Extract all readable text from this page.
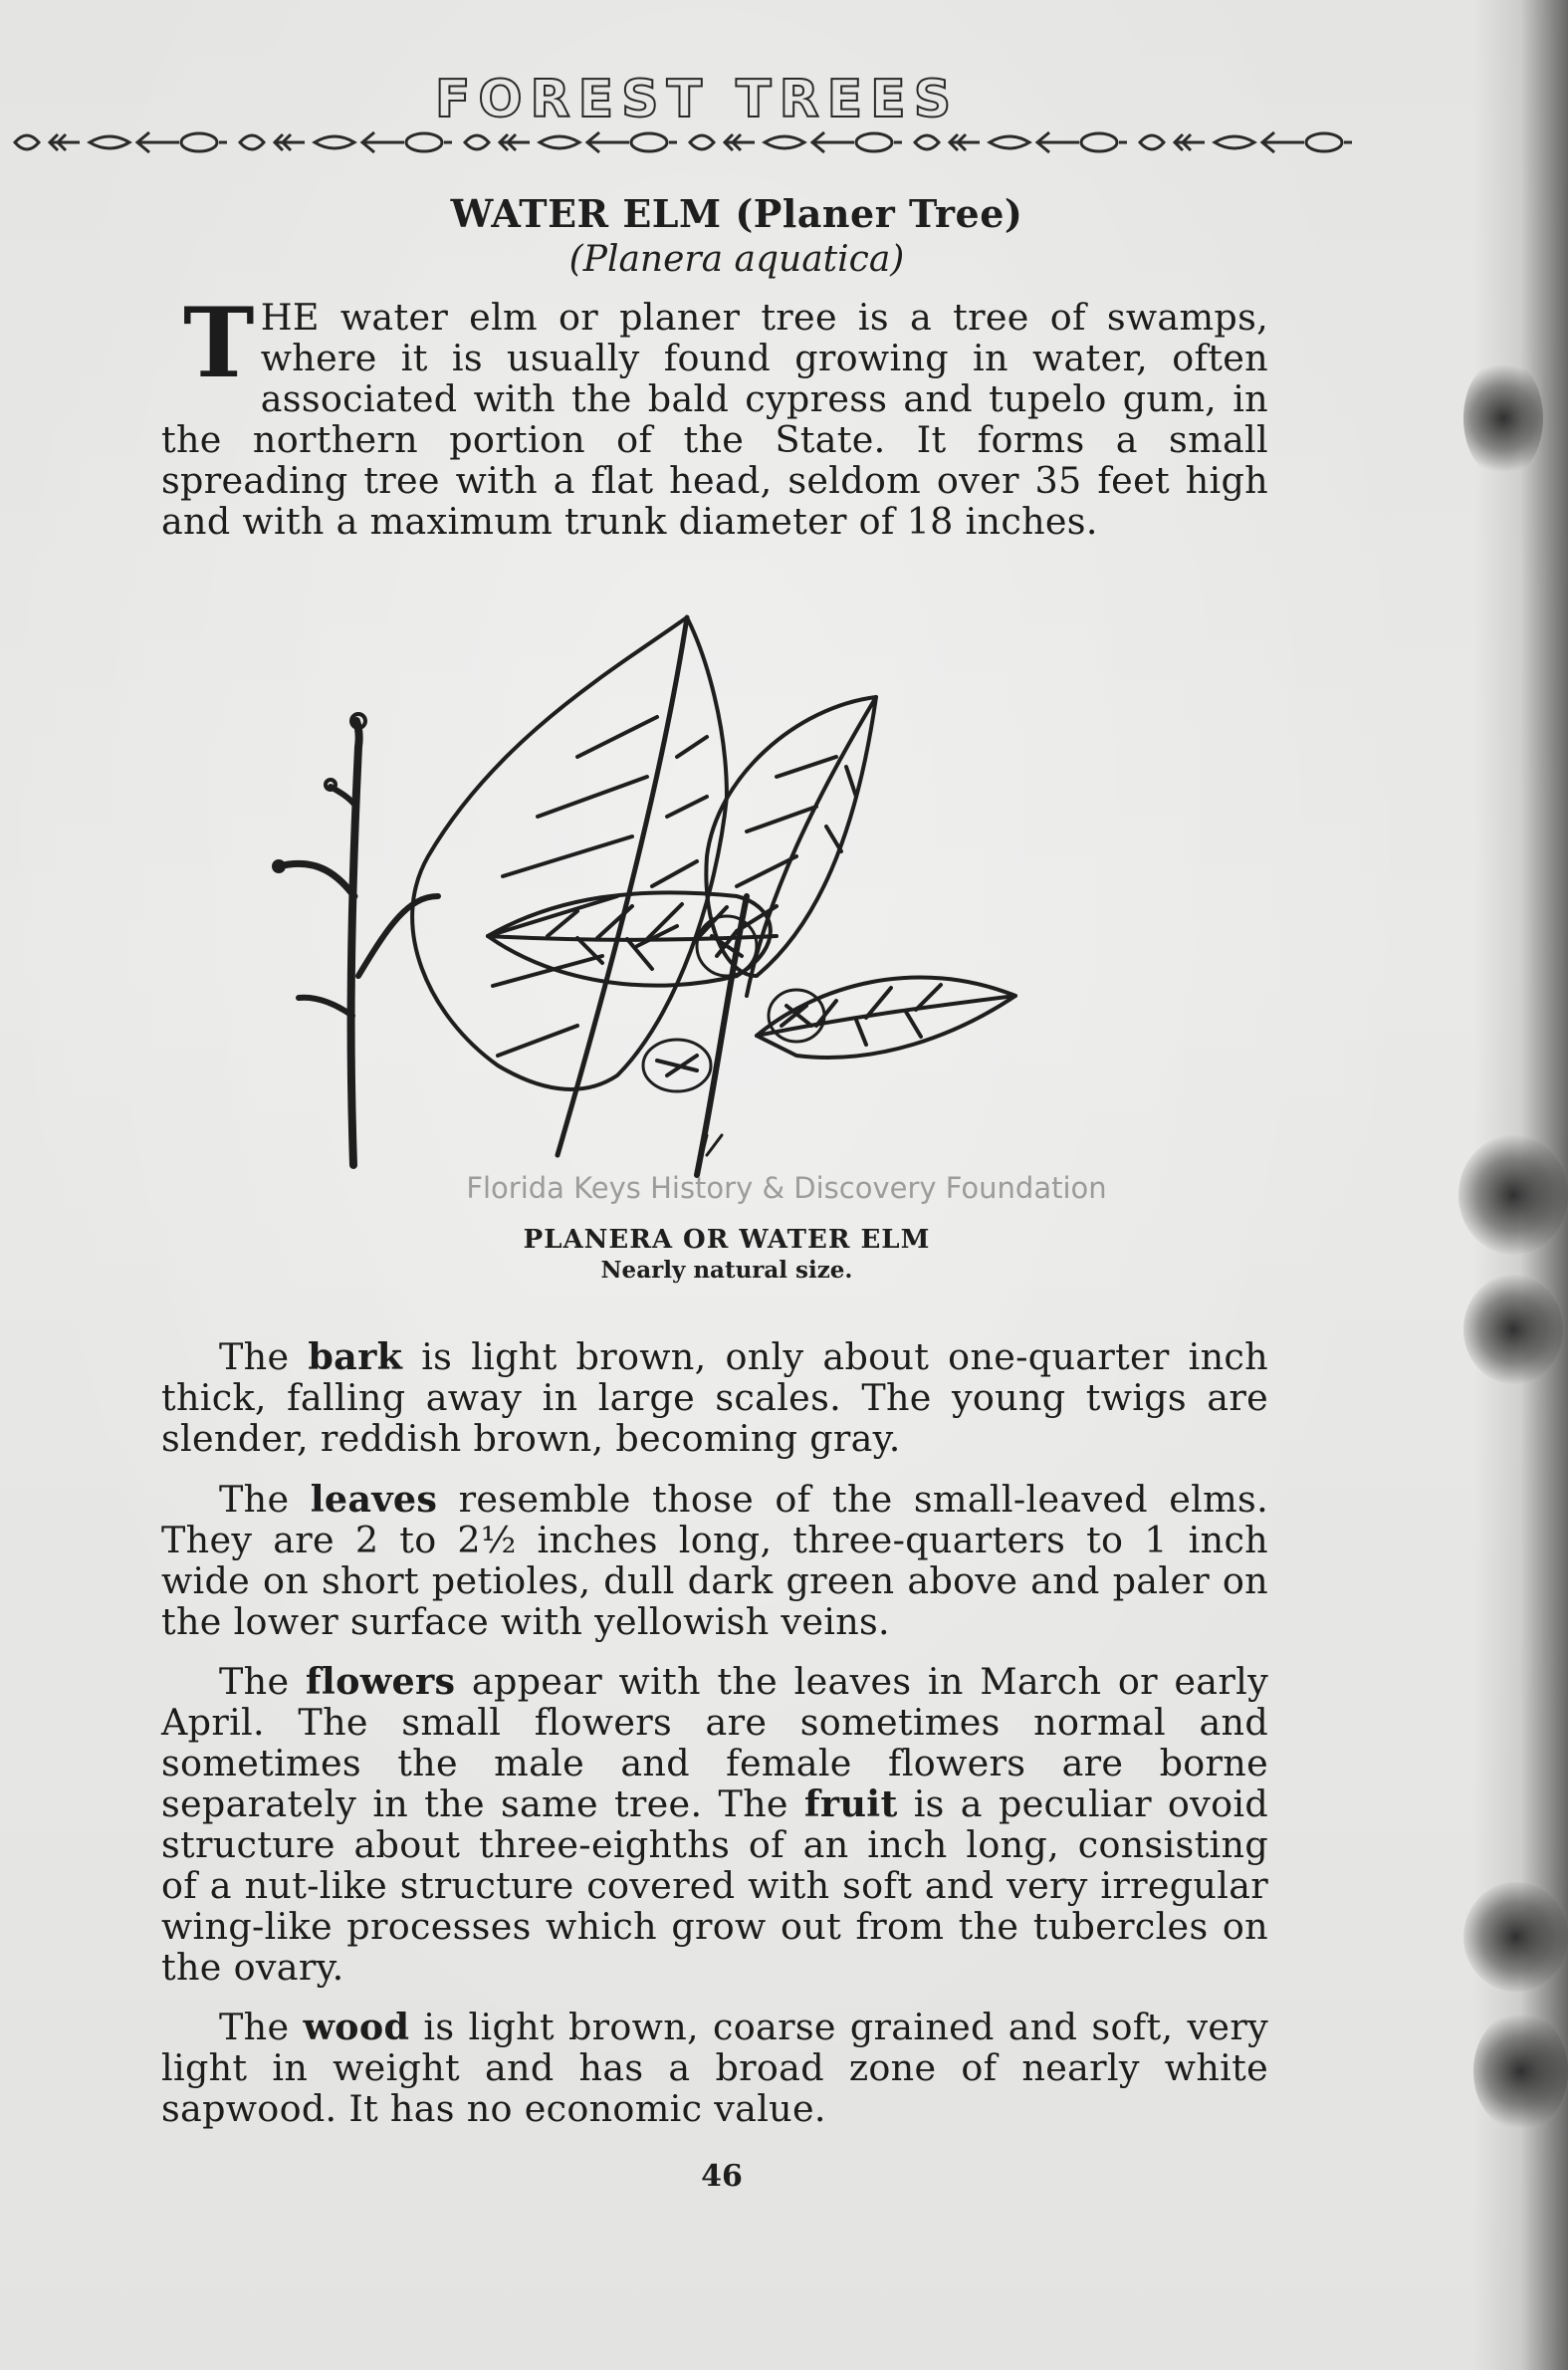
FOREST TREES
WATER ELM (Planer Tree)
(Planera aquatica)
THE water elm or planer tree is a tree of swamps, where it is usually found growing in water, often associated with the bald cypress and tupelo gum, in the northern portion of the State. It forms a small spreading tree with a flat head, seldom over 35 feet high and with a maximum trunk diameter of 18 inches.
Florida Keys History & Discovery Foundation
PLANERA OR WATER ELM
Nearly natural size.
The bark is light brown, only about one-quarter inch thick, falling away in large scales. The young twigs are slender, reddish brown, becoming gray.
The leaves resemble those of the small-leaved elms. They are 2 to 2½ inches long, three-quarters to 1 inch wide on short petioles, dull dark green above and paler on the lower surface with yellowish veins.
The flowers appear with the leaves in March or early April. The small flowers are sometimes normal and sometimes the male and female flowers are borne separately in the same tree. The fruit is a peculiar ovoid structure about three-eighths of an inch long, consisting of a nut-like structure covered with soft and very irregular wing-like processes which grow out from the tubercles on the ovary.
The wood is light brown, coarse grained and soft, very light in weight and has a broad zone of nearly white sapwood. It has no economic value.
46
